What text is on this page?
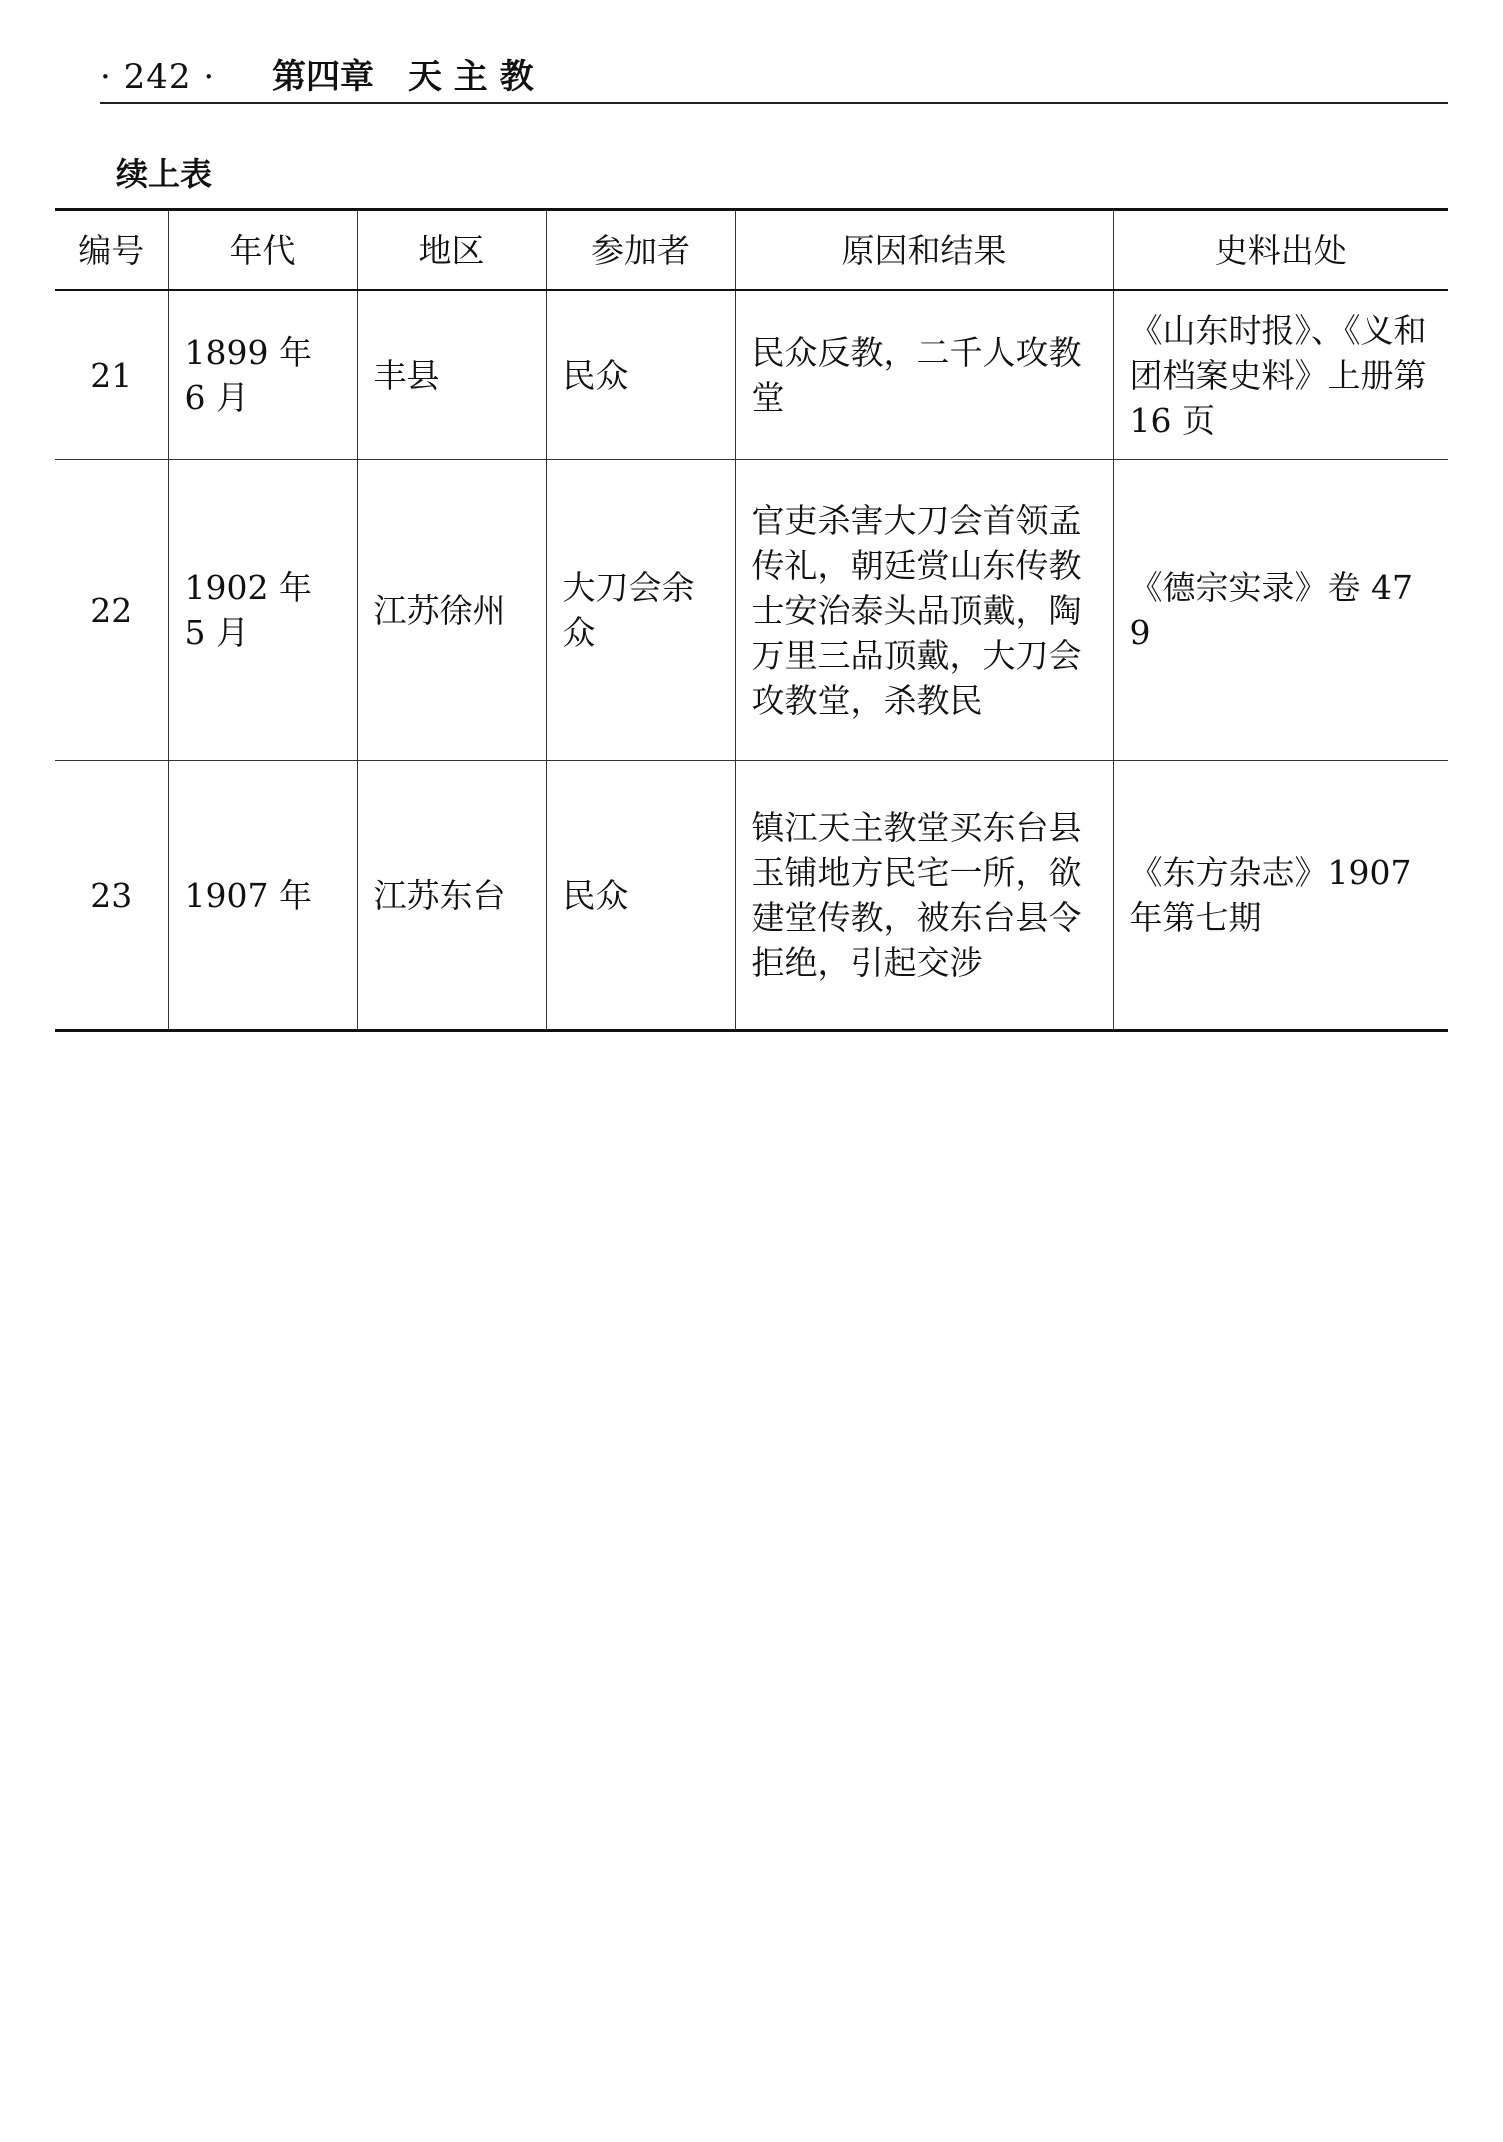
· 242 · 第四章　天 主 教
续上表
编号	年代	地区	参加者	原因和结果	史料出处
21	1899 年 6 月	丰县	民众	民众反教，二千人攻教堂	《山东时报》、《义和团档案史料》上册第 16 页
22	1902 年 5 月	江苏徐州	大刀会余众	官吏杀害大刀会首领孟传礼，朝廷赏山东传教士安治泰头品顶戴，陶万里三品顶戴，大刀会攻教堂，杀教民	《德宗实录》卷 479
23	1907 年	江苏东台	民众	镇江天主教堂买东台县玉铺地方民宅一所，欲建堂传教，被东台县令拒绝，引起交涉	《东方杂志》1907 年第七期
